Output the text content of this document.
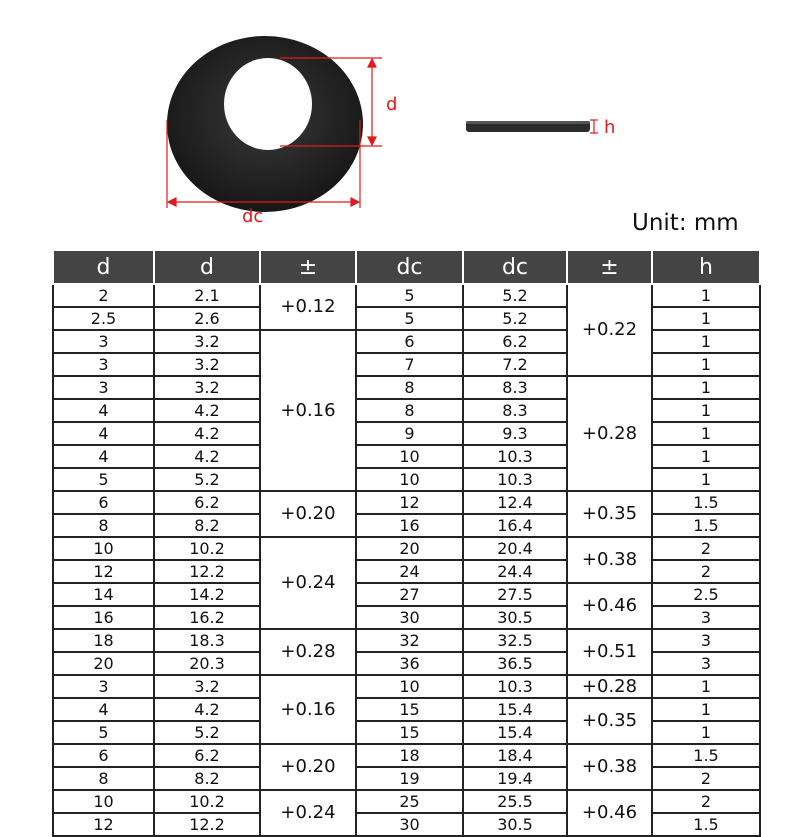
d
dc
h
Unit: mm
d	d	±	dc	dc	±	h
2	2.1	+0.12	5	5.2	+0.22	1
2.5	2.6		5	5.2		1
3	3.2	+0.16	6	6.2		1
3	3.2		7	7.2		1
3	3.2		8	8.3	+0.28	1
4	4.2		8	8.3		1
4	4.2		9	9.3		1
4	4.2		10	10.3		1
5	5.2		10	10.3		1
6	6.2	+0.20	12	12.4	+0.35	1.5
8	8.2		16	16.4		1.5
10	10.2	+0.24	20	20.4	+0.38	2
12	12.2		24	24.4		2
14	14.2		27	27.5	+0.46	2.5
16	16.2		30	30.5		3
18	18.3	+0.28	32	32.5	+0.51	3
20	20.3		36	36.5		3
3	3.2	+0.16	10	10.3	+0.28	1
4	4.2		15	15.4	+0.35	1
5	5.2		15	15.4		1
6	6.2	+0.20	18	18.4	+0.38	1.5
8	8.2		19	19.4		2
10	10.2	+0.24	25	25.5	+0.46	2
12	12.2		30	30.5		1.5
